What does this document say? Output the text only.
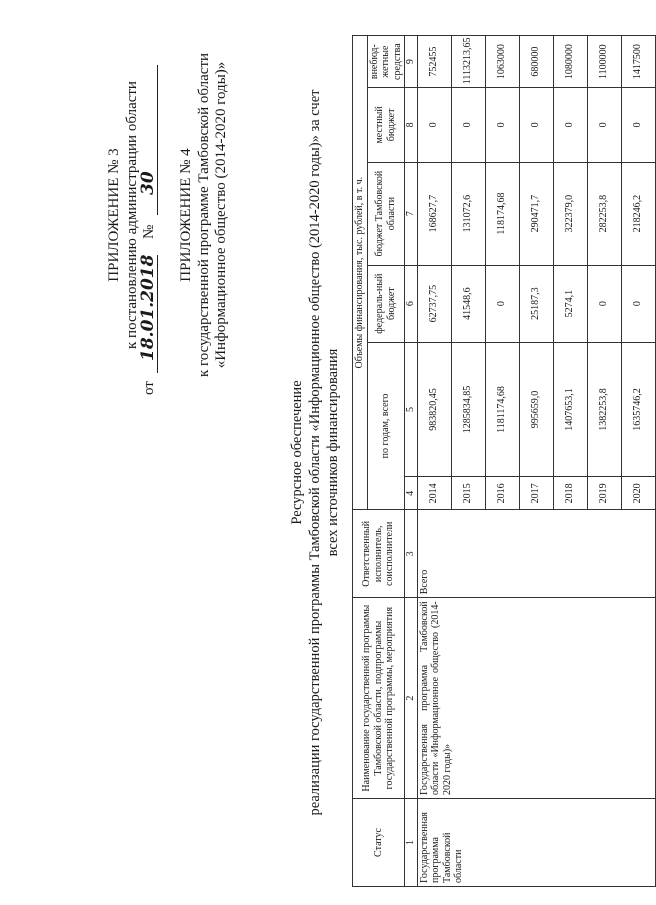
ПРИЛОЖЕНИЕ № 3 к постановлению администрации области
от
18.01.2018
№
30 ПРИЛОЖЕНИЕ № 4 к государственной программе Тамбовской области «Информационное общество (2014-2020 годы)»
Ресурсное обеспечение реализации государственной программы Тамбовской области «Информационное общество (2014-2020 годы)» за счет всех источников финансирования
Статус	Наименование государственной программы Тамбовской области, подпрограммы государственной программы, мероприятия	Ответственный исполнитель, соисполнители	Объемы финансирования, тыс. рублей, в т. ч.					
			по годам, всего		федераль-ный бюджет	бюджет Тамбовской области	местный бюджет	внебюд-жетные средства
1	2	3	4	5	6	7	8	9
Государственная программа Тамбовской области	Государственная программа Тамбовской области «Информационное общество (2014-2020 годы)»	Всего	2014	983820,45	62737,75	168627,7	0	752455
			2015	1285834,85	41548,6	131072,6	0	1113213,65
			2016	1181174,68	0	118174,68	0	1063000
			2017	995659,0	25187,3	290471,7	0	680000
			2018	1407653,1	5274,1	322379,0	0	1080000
			2019	1382253,8	0	282253,8	0	1100000
			2020	1635746,2	0	218246,2	0	1417500
